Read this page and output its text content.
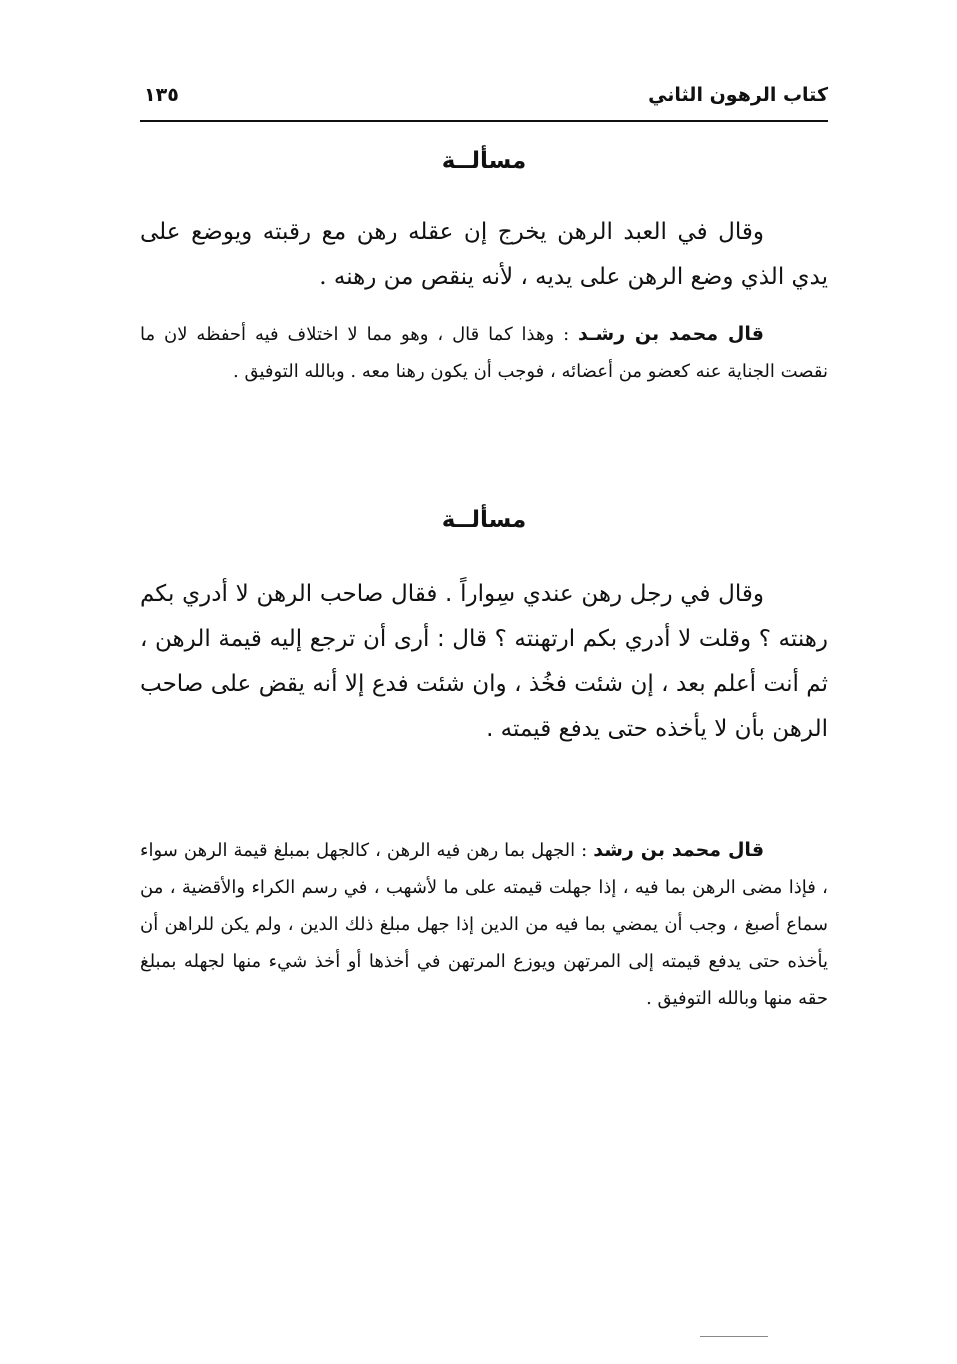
كتاب الرهون الثاني
١٣٥
مسألــة

وقال في العبد الرهن يخرج إن عقله رهن مع رقبته ويوضع على يدي الذي وضع الرهن على يديه ، لأنه ينقص من رهنه .

قال محمد بن رشـد : وهذا كما قال ، وهو مما لا اختلاف فيه أحفظه لان ما نقصت الجناية عنه كعضو من أعضائه ، فوجب أن يكون رهنا معه . وبالله التوفيق .

مسألــة

وقال في رجل رهن عندي سِواراً . فقال صاحب الرهن لا أدري بكم رهنته ؟ وقلت لا أدري بكم ارتهنته ؟ قال : أرى أن ترجع إليه قيمة الرهن ، ثم أنت أعلم بعد ، إن شئت فخُذ ، وان شئت فدع إلا أنه يقض على صاحب الرهن بأن لا يأخذه حتى يدفع قيمته .

قال محمد بن رشد : الجهل بما رهن فيه الرهن ، كالجهل بمبلغ قيمة الرهن سواء ، فإذا مضى الرهن بما فيه ، إذا جهلت قيمته على ما لأشهب ، في رسم الكراء والأقضية ، من سماع أصبغ ، وجب أن يمضي بما فيه من الدين إذا جهل مبلغ ذلك الدين ، ولم يكن للراهن أن يأخذه حتى يدفع قيمته إلى المرتهن ويوزع المرتهن في أخذها أو أخذ شيء منها لجهله بمبلغ حقه منها وبالله التوفيق .
